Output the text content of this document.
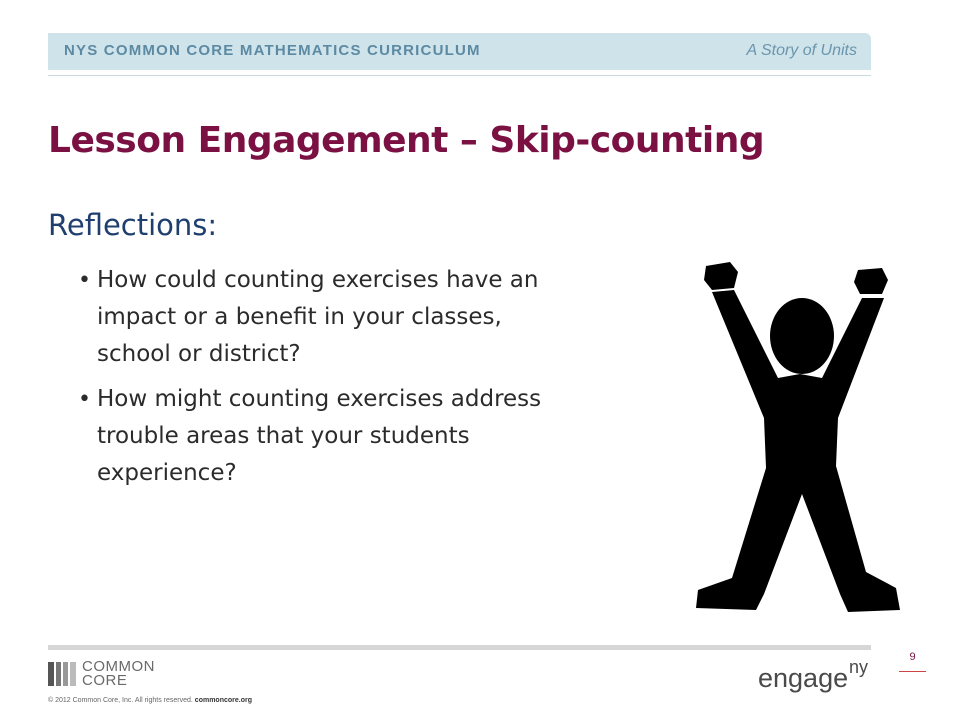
NYS COMMON CORE MATHEMATICS CURRICULUM	A Story of Units
Lesson Engagement – Skip-counting
Reflections:
• How could counting exercises have an impact or a benefit in your classes, school or district?
• How might counting exercises address trouble areas that your students experience?
COMMON CORE
© 2012 Common Core, Inc. All rights reserved. commoncore.org
engage ny	9
